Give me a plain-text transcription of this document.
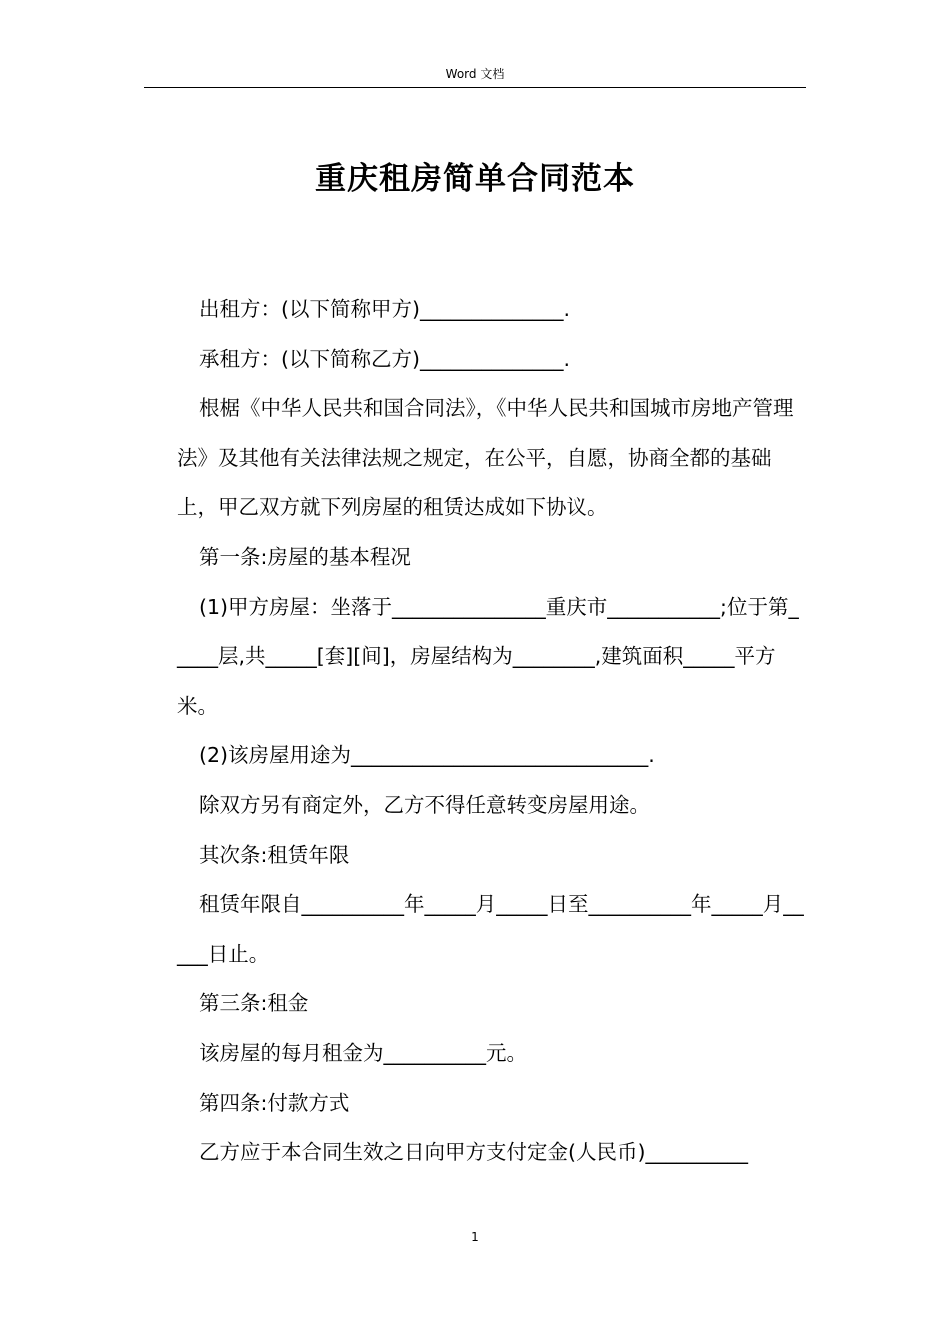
Word 文档
重庆租房简单合同范本

出租方：(以下简称甲方)______________.

承租方：(以下简称乙方)______________.

根椐《中华人民共和国合同法》，《中华人民共和国城市房地产管理法》及其他有关法律法规之规定，在公平，自愿，协商全都的基础上，甲乙双方就下列房屋的租赁达成如下协议。

第一条:房屋的基本程况

(1)甲方房屋：坐落于_______________重庆市___________;位于第_____层,共_____[套][间]，房屋结构为________,建筑面积_____平方米。

(2)该房屋用途为_____________________________.

除双方另有商定外，乙方不得任意转变房屋用途。

其次条:租赁年限

租赁年限自__________年_____月_____日至__________年_____月_____日止。

第三条:租金

该房屋的每月租金为__________元。

第四条:付款方式

乙方应于本合同生效之日向甲方支付定金(人民币)__________

1
